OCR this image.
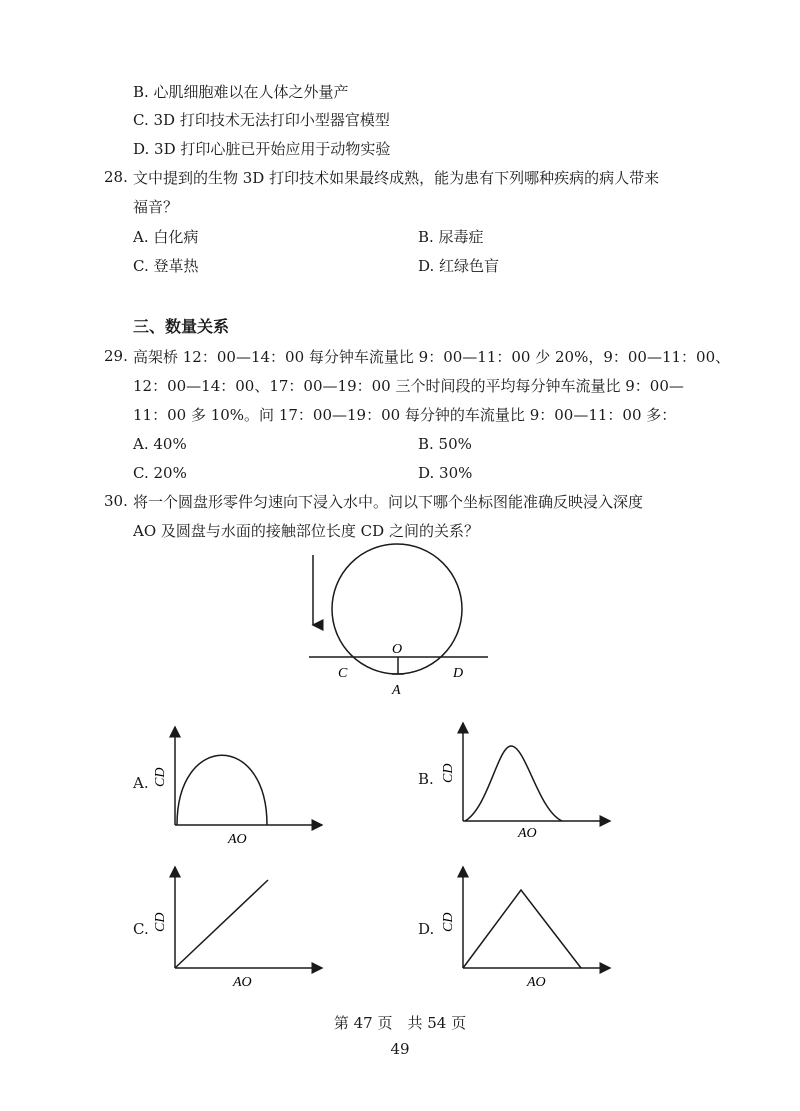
B. 心肌细胞难以在人体之外量产
C. 3D 打印技术无法打印小型器官模型
D. 3D 打印心脏已开始应用于动物实验
28. 文中提到的生物 3D 打印技术如果最终成熟，能为患有下列哪种疾病的病人带来
福音？
A. 白化病	B. 尿毒症
C. 登革热	D. 红绿色盲
三、数量关系
29. 高架桥 12：00—14：00 每分钟车流量比 9：00—11：00 少 20%，9：00—11：00、
12：00—14：00、17：00—19：00 三个时间段的平均每分钟车流量比 9：00—
11：00 多 10%。问 17：00—19：00 每分钟的车流量比 9：00—11：00 多：
A. 40%	B. 50%
C. 20%	D. 30%
30. 将一个圆盘形零件匀速向下浸入水中。问以下哪个坐标图能准确反映浸入深度
AO 及圆盘与水面的接触部位长度 CD 之间的关系？
O
C	D
A
A.
AO
CD	B.
AO
CD
C.
AO
CD	D.
AO
CD
第 47 页　共 54 页
49
